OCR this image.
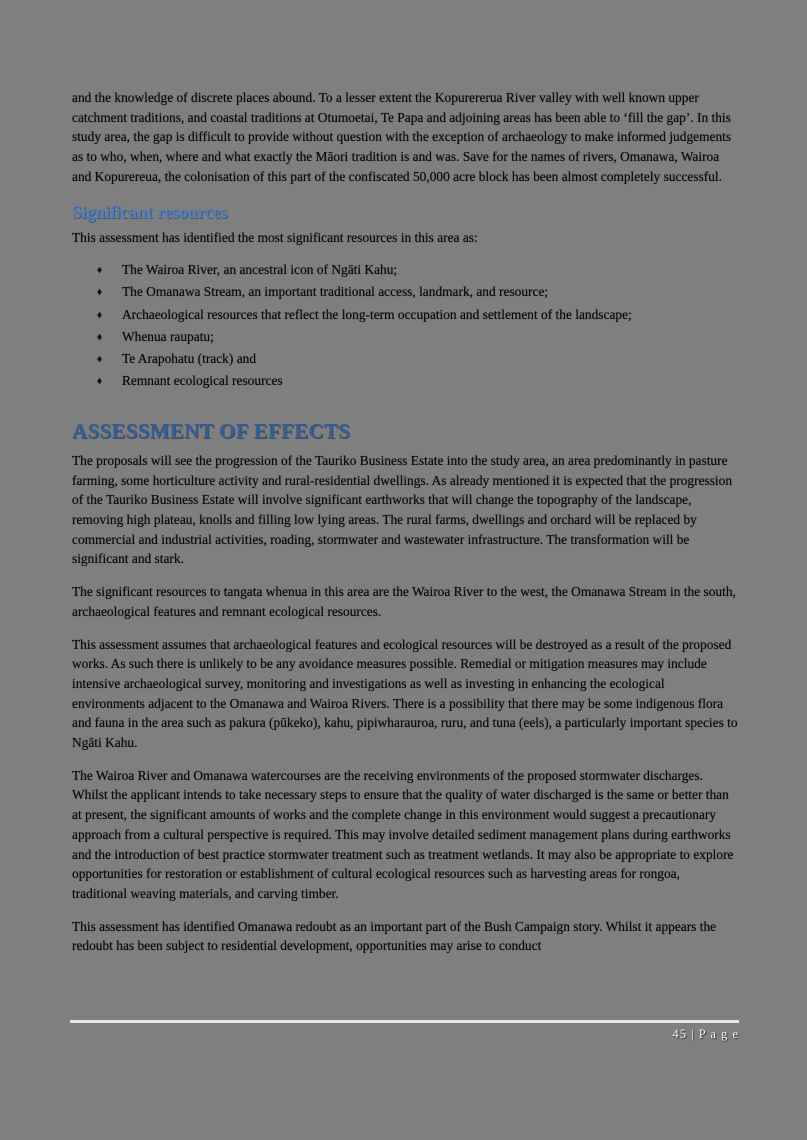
and the knowledge of discrete places abound. To a lesser extent the Kopurererua River valley with well known upper catchment traditions, and coastal traditions at Otumoetai, Te Papa and adjoining areas has been able to ‘fill the gap’. In this study area, the gap is difficult to provide without question with the exception of archaeology to make informed judgements as to who, when, where and what exactly the Māori tradition is and was. Save for the names of rivers, Omanawa, Wairoa and Kopurereua, the colonisation of this part of the confiscated 50,000 acre block has been almost completely successful.

Significant resources

This assessment has identified the most significant resources in this area as:

♦ The Wairoa River, an ancestral icon of Ngāti Kahu;
♦ The Omanawa Stream, an important traditional access, landmark, and resource;
♦ Archaeological resources that reflect the long-term occupation and settlement of the landscape;
♦ Whenua raupatu;
♦ Te Arapohatu (track) and
♦ Remnant ecological resources
ASSESSMENT OF EFFECTS

The proposals will see the progression of the Tauriko Business Estate into the study area, an area predominantly in pasture farming, some horticulture activity and rural-residential dwellings. As already mentioned it is expected that the progression of the Tauriko Business Estate will involve significant earthworks that will change the topography of the landscape, removing high plateau, knolls and filling low lying areas. The rural farms, dwellings and orchard will be replaced by commercial and industrial activities, roading, stormwater and wastewater infrastructure. The transformation will be significant and stark.

The significant resources to tangata whenua in this area are the Wairoa River to the west, the Omanawa Stream in the south, archaeological features and remnant ecological resources.

This assessment assumes that archaeological features and ecological resources will be destroyed as a result of the proposed works. As such there is unlikely to be any avoidance measures possible. Remedial or mitigation measures may include intensive archaeological survey, monitoring and investigations as well as investing in enhancing the ecological environments adjacent to the Omanawa and Wairoa Rivers. There is a possibility that there may be some indigenous flora and fauna in the area such as pakura (pūkeko), kahu, pipiwharauroa, ruru, and tuna (eels), a particularly important species to Ngāti Kahu.

The Wairoa River and Omanawa watercourses are the receiving environments of the proposed stormwater discharges. Whilst the applicant intends to take necessary steps to ensure that the quality of water discharged is the same or better than at present, the significant amounts of works and the complete change in this environment would suggest a precautionary approach from a cultural perspective is required. This may involve detailed sediment management plans during earthworks and the introduction of best practice stormwater treatment such as treatment wetlands. It may also be appropriate to explore opportunities for restoration or establishment of cultural ecological resources such as harvesting areas for rongoa, traditional weaving materials, and carving timber.

This assessment has identified Omanawa redoubt as an important part of the Bush Campaign story. Whilst it appears the redoubt has been subject to residential development, opportunities may arise to conduct

45 | P a g e
